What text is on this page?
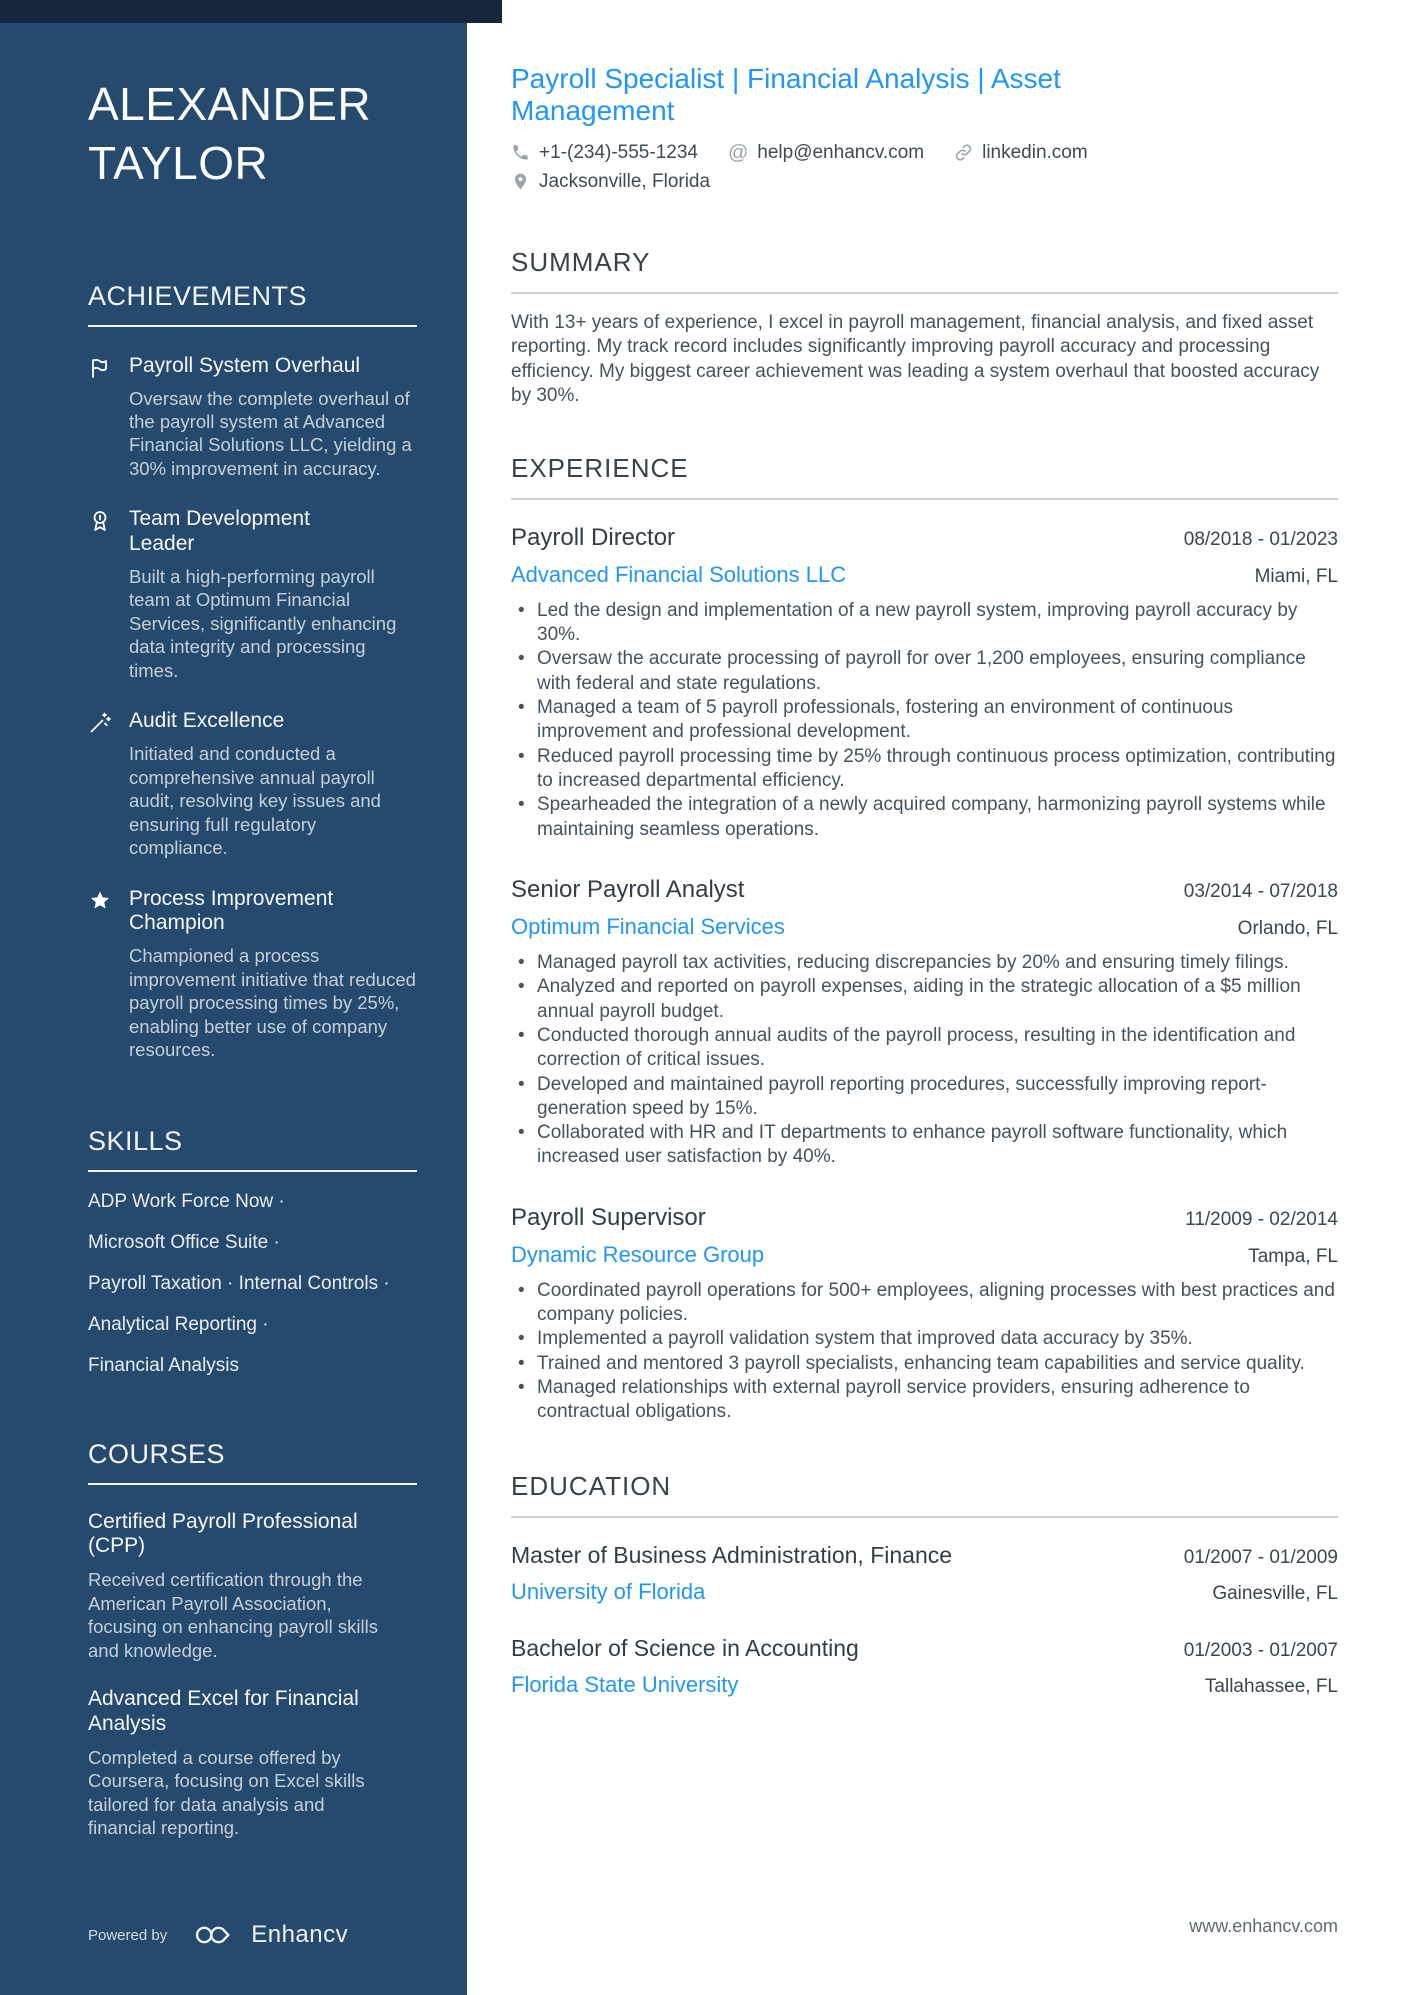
ALEXANDER TAYLOR
ACHIEVEMENTS
Payroll System Overhaul

Oversaw the complete overhaul of the payroll system at Advanced Financial Solutions LLC, yielding a 30% improvement in accuracy.

Team Development Leader

Built a high-performing payroll team at Optimum Financial Services, significantly enhancing data integrity and processing times.

Audit Excellence

Initiated and conducted a comprehensive annual payroll audit, resolving key issues and ensuring full regulatory compliance.

Process Improvement Champion

Championed a process improvement initiative that reduced payroll processing times by 25%, enabling better use of company resources.

SKILLS
ADP Work Force Now ·
Microsoft Office Suite ·
Payroll Taxation · Internal Controls ·
Analytical Reporting ·
Financial Analysis
COURSES
Certified Payroll Professional (CPP)

Received certification through the American Payroll Association, focusing on enhancing payroll skills and knowledge.

Advanced Excel for Financial Analysis

Completed a course offered by Coursera, focusing on Excel skills tailored for data analysis and financial reporting.

Powered by	Enhancv
Payroll Specialist | Financial Analysis | Asset Management
+1-(234)-555-1234 @ help@enhancv.com	linkedin.com
Jacksonville, Florida
SUMMARY

With 13+ years of experience, I excel in payroll management, financial analysis, and fixed asset reporting. My track record includes significantly improving payroll accuracy and processing efficiency. My biggest career achievement was leading a system overhaul that boosted accuracy by 30%.

EXPERIENCE
Payroll Director	08/2018 - 01/2023
Advanced Financial Solutions LLC	Miami, FL
• Led the design and implementation of a new payroll system, improving payroll accuracy by 30%.
• Oversaw the accurate processing of payroll for over 1,200 employees, ensuring compliance with federal and state regulations.
• Managed a team of 5 payroll professionals, fostering an environment of continuous improvement and professional development.
• Reduced payroll processing time by 25% through continuous process optimization, contributing to increased departmental efficiency.
• Spearheaded the integration of a newly acquired company, harmonizing payroll systems while maintaining seamless operations.
Senior Payroll Analyst	03/2014 - 07/2018
Optimum Financial Services	Orlando, FL
• Managed payroll tax activities, reducing discrepancies by 20% and ensuring timely filings.
• Analyzed and reported on payroll expenses, aiding in the strategic allocation of a $5 million annual payroll budget.
• Conducted thorough annual audits of the payroll process, resulting in the identification and correction of critical issues.
• Developed and maintained payroll reporting procedures, successfully improving report-generation speed by 15%.
• Collaborated with HR and IT departments to enhance payroll software functionality, which increased user satisfaction by 40%.
Payroll Supervisor	11/2009 - 02/2014
Dynamic Resource Group	Tampa, FL
• Coordinated payroll operations for 500+ employees, aligning processes with best practices and company policies.
• Implemented a payroll validation system that improved data accuracy by 35%.
• Trained and mentored 3 payroll specialists, enhancing team capabilities and service quality.
• Managed relationships with external payroll service providers, ensuring adherence to contractual obligations.
EDUCATION
Master of Business Administration, Finance	01/2007 - 01/2009
University of Florida	Gainesville, FL
Bachelor of Science in Accounting	01/2003 - 01/2007
Florida State University	Tallahassee, FL
www.enhancv.com
